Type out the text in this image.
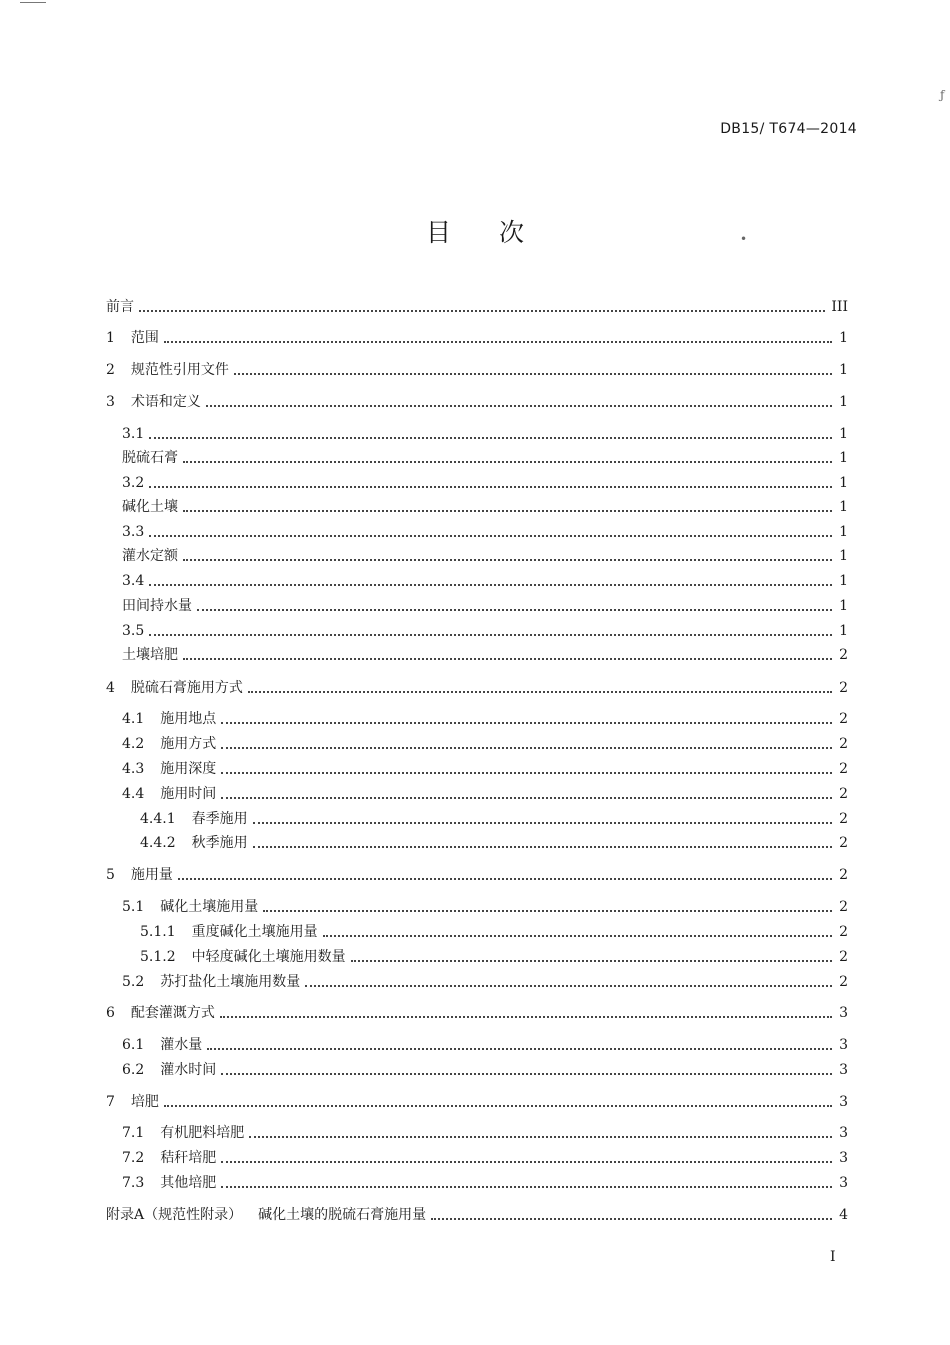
DB15/ T674—2014
目次
前言	III
1 范围	1
2 规范性引用文件	1
3 术语和定义	1
3.1	1
脱硫石膏	1
3.2	1
碱化土壤	1
3.3	1
灌水定额	1
3.4	1
田间持水量	1
3.5	1
土壤培肥	2
4 脱硫石膏施用方式	2
4.1 施用地点	2
4.2 施用方式	2
4.3 施用深度	2
4.4 施用时间	2
4.4.1 春季施用	2
4.4.2 秋季施用	2
5 施用量	2
5.1 碱化土壤施用量	2
5.1.1 重度碱化土壤施用量	2
5.1.2 中轻度碱化土壤施用数量	2
5.2 苏打盐化土壤施用数量	2
6 配套灌溉方式	3
6.1 灌水量	3
6.2 灌水时间	3
7 培肥	3
7.1 有机肥料培肥	3
7.2 秸秆培肥	3
7.3 其他培肥	3
附录A（规范性附录） 碱化土壤的脱硫石膏施用量	4
I
ƒ
•
